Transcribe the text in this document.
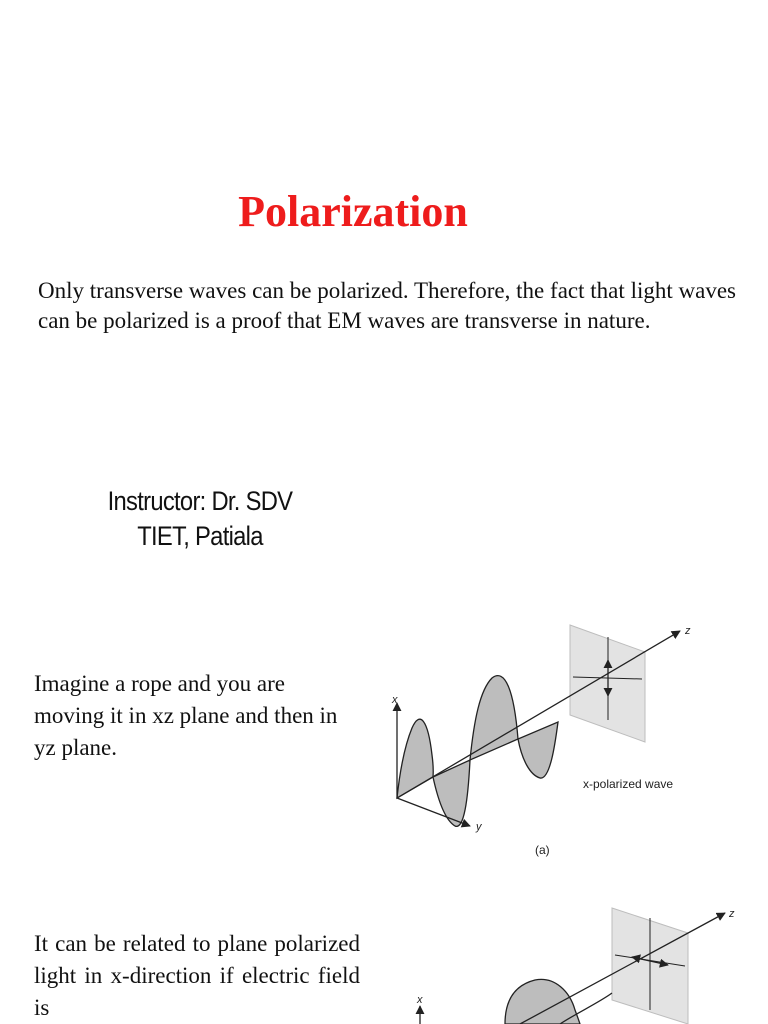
Polarization
Only transverse waves can be polarized. Therefore, the fact that light waves can be polarized is a proof that EM waves are transverse in nature.
Instructor: Dr. SDV
TIET, Patiala
Imagine a rope and you are moving it in xz plane and then in yz plane.
It can be related to plane polarized light in x-direction if electric field is
x
y
z
x-polarized wave
(a)
x
z
